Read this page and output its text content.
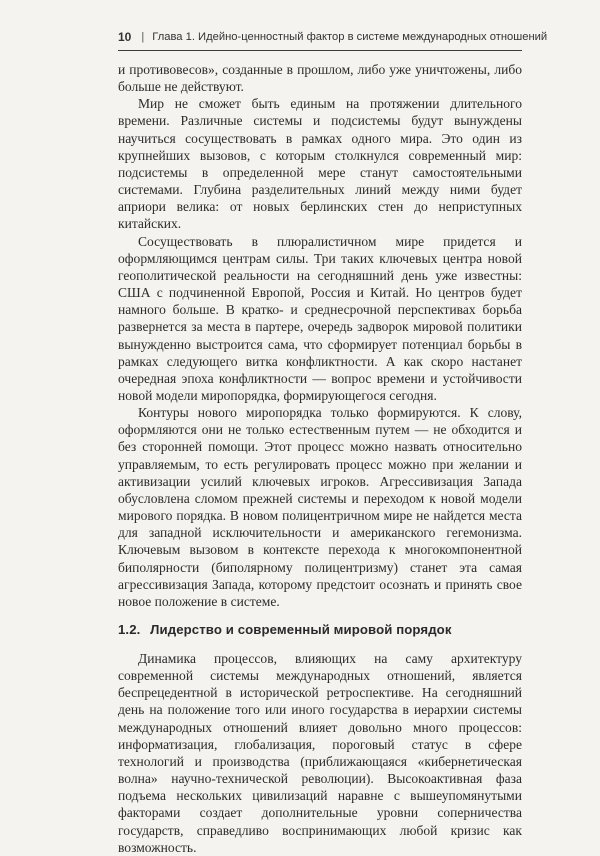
10 | Глава 1. Идейно-ценностный фактор в системе международных отношений

и противовесов», созданные в прошлом, либо уже уничтожены, либо больше не действуют.

Мир не сможет быть единым на протяжении длительного времени. Различные системы и подсистемы будут вынуждены научиться сосуществовать в рамках одного мира. Это один из крупнейших вызовов, с которым столкнулся современный мир: подсистемы в определенной мере станут самостоятельными системами. Глубина разделительных линий между ними будет априори велика: от новых берлинских стен до неприступных китайских.

Сосуществовать в плюралистичном мире придется и оформляющимся центрам силы. Три таких ключевых центра новой геополитической реальности на сегодняшний день уже известны: США с подчиненной Европой, Россия и Китай. Но центров будет намного больше. В кратко- и среднесрочной перспективах борьба развернется за места в партере, очередь задворок мировой политики вынужденно выстроится сама, что сформирует потенциал борьбы в рамках следующего витка конфликтности. А как скоро настанет очередная эпоха конфликтности — вопрос времени и устойчивости новой модели миропорядка, формирующегося сегодня.

Контуры нового миропорядка только формируются. К слову, оформляются они не только естественным путем — не обходится и без сторонней помощи. Этот процесс можно назвать относительно управляемым, то есть регулировать процесс можно при желании и активизации усилий ключевых игроков. Агрессивизация Запада обусловлена сломом прежней системы и переходом к новой модели мирового порядка. В новом полицентричном мире не найдется места для западной исключительности и американского гегемонизма. Ключевым вызовом в контексте перехода к многокомпонентной биполярности (биполярному полицентризму) станет эта самая агрессивизация Запада, которому предстоит осознать и принять свое новое положение в системе.

1.2. Лидерство и современный мировой порядок

Динамика процессов, влияющих на саму архитектуру современной системы международных отношений, является беспрецедентной в исторической ретроспективе. На сегодняшний день на положение того или иного государства в иерархии системы международных отношений влияет довольно много процессов: информатизация, глобализация, пороговый статус в сфере технологий и производства (приближающаяся «кибернетическая волна» научно-технической революции). Высокоактивная фаза подъема нескольких цивилизаций наравне с вышеупомянутыми факторами создает дополнительные уровни соперничества государств, справедливо воспринимающих любой кризис как возможность.
